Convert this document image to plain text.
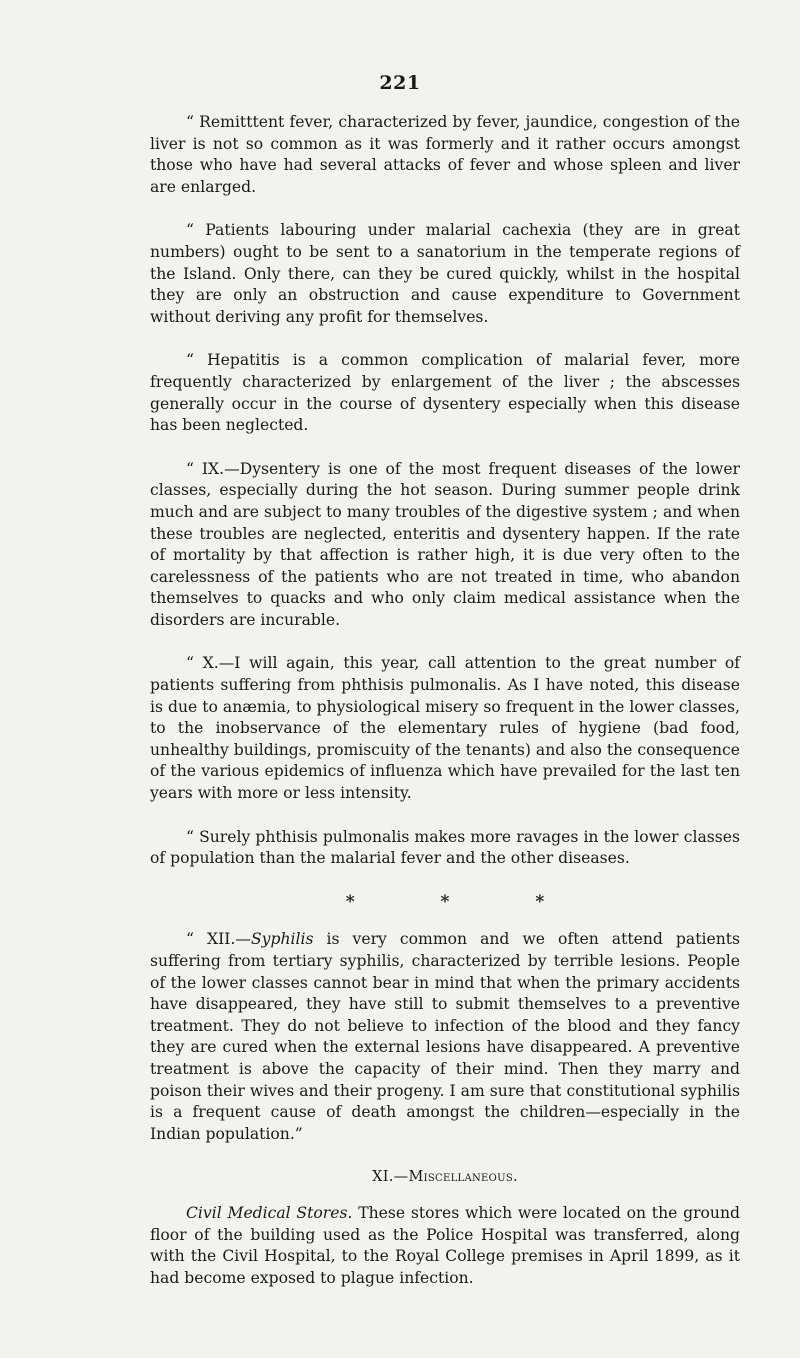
221

“ Remitttent fever, characterized by fever, jaundice, congestion of the liver is not so common as it was formerly and it rather occurs amongst those who have had several attacks of fever and whose spleen and liver are enlarged.

“ Patients labouring under malarial cachexia (they are in great numbers) ought to be sent to a sanatorium in the temperate regions of the Island. Only there, can they be cured quickly, whilst in the hospital they are only an obstruction and cause expenditure to Government without deriving any profit for themselves.

“ Hepatitis is a common complication of malarial fever, more frequently characterized by enlargement of the liver ; the abscesses generally occur in the course of dysentery especially when this disease has been neglected.

“ IX.—Dysentery is one of the most frequent diseases of the lower classes, especially during the hot season. During summer people drink much and are subject to many troubles of the digestive system ; and when these troubles are neglected, enteritis and dysentery happen. If the rate of mortality by that affection is rather high, it is due very often to the carelessness of the patients who are not treated in time, who abandon themselves to quacks and who only claim medical assistance when the disorders are incurable.

“ X.—I will again, this year, call attention to the great number of patients suffering from phthisis pulmonalis. As I have noted, this disease is due to anæmia, to physiological misery so frequent in the lower classes, to the inobservance of the elementary rules of hygiene (bad food, unhealthy buildings, promiscuity of the tenants) and also the consequence of the various epidemics of influenza which have prevailed for the last ten years with more or less intensity.

“ Surely phthisis pulmonalis makes more ravages in the lower classes of population than the malarial fever and the other diseases.

* * *

“ XII.—Syphilis is very common and we often attend patients suffering from tertiary syphilis, characterized by terrible lesions. People of the lower classes cannot bear in mind that when the primary accidents have disappeared, they have still to submit themselves to a preventive treatment. They do not believe to infection of the blood and they fancy they are cured when the external lesions have disappeared. A preventive treatment is above the capacity of their mind. Then they marry and poison their wives and their progeny. I am sure that constitutional syphilis is a frequent cause of death amongst the children—especially in the Indian population.”

XI.—Miscellaneous.

Civil Medical Stores. These stores which were located on the ground floor of the building used as the Police Hospital was transferred, along with the Civil Hospital, to the Royal College premises in April 1899, as it had become exposed to plague infection.
